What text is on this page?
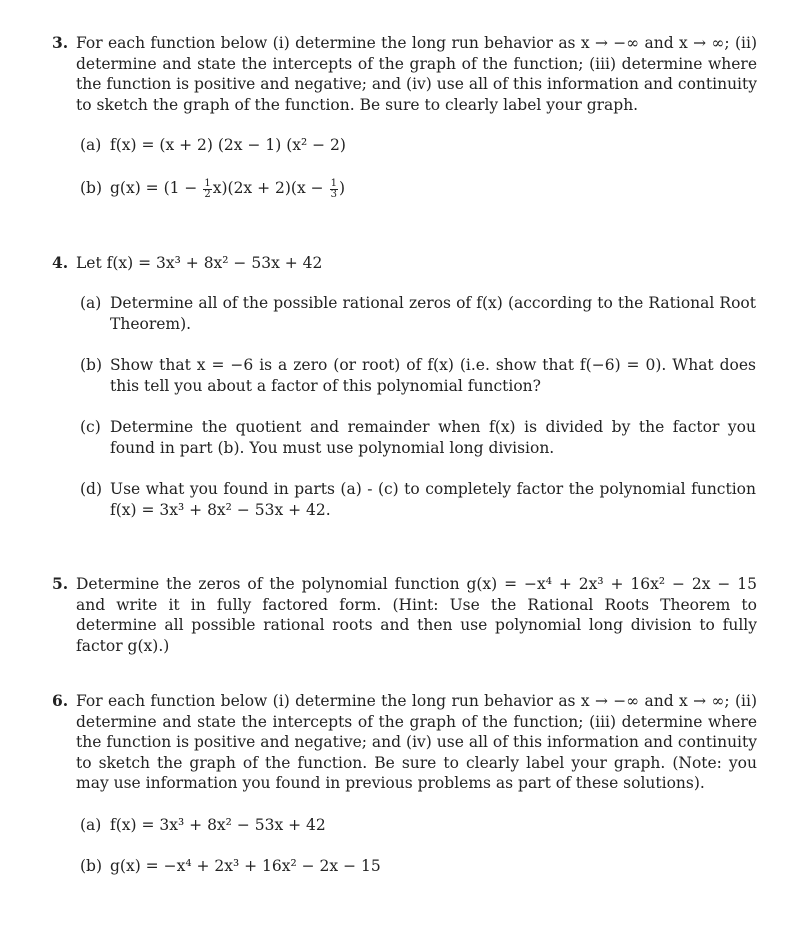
3. For each function below (i) determine the long run behavior as x → −∞ and x → ∞; (ii) determine and state the intercepts of the graph of the function; (iii) determine where the function is positive and negative; and (iv) use all of this information and continuity to sketch the graph of the function. Be sure to clearly label your graph.
(a) f(x) = (x + 2) (2x − 1) (x² − 2)
(b) $g(x) = (1 - \frac{1}{2} x)(2x + 2)(x - \frac{1}{3}$ )
4. Let f(x) = 3x³ + 8x² − 53x + 42
(a) Determine all of the possible rational zeros of f(x) (according to the Rational Root Theorem).
(b) Show that x = −6 is a zero (or root) of f(x) (i.e. show that f(−6) = 0). What does this tell you about a factor of this polynomial function?
(c) Determine the quotient and remainder when f(x) is divided by the factor you found in part (b). You must use polynomial long division.
(d) Use what you found in parts (a) - (c) to completely factor the polynomial function f(x) = 3x³ + 8x² − 53x + 42.
5. Determine the zeros of the polynomial function g(x) = −x⁴ + 2x³ + 16x² − 2x − 15 and write it in fully factored form. (Hint: Use the Rational Roots Theorem to determine all possible rational roots and then use polynomial long division to fully factor g(x).)
6. For each function below (i) determine the long run behavior as x → −∞ and x → ∞; (ii) determine and state the intercepts of the graph of the function; (iii) determine where the function is positive and negative; and (iv) use all of this information and continuity to sketch the graph of the function. Be sure to clearly label your graph. (Note: you may use information you found in previous problems as part of these solutions).
(a) f(x) = 3x³ + 8x² − 53x + 42
(b) g(x) = −x⁴ + 2x³ + 16x² − 2x − 15
